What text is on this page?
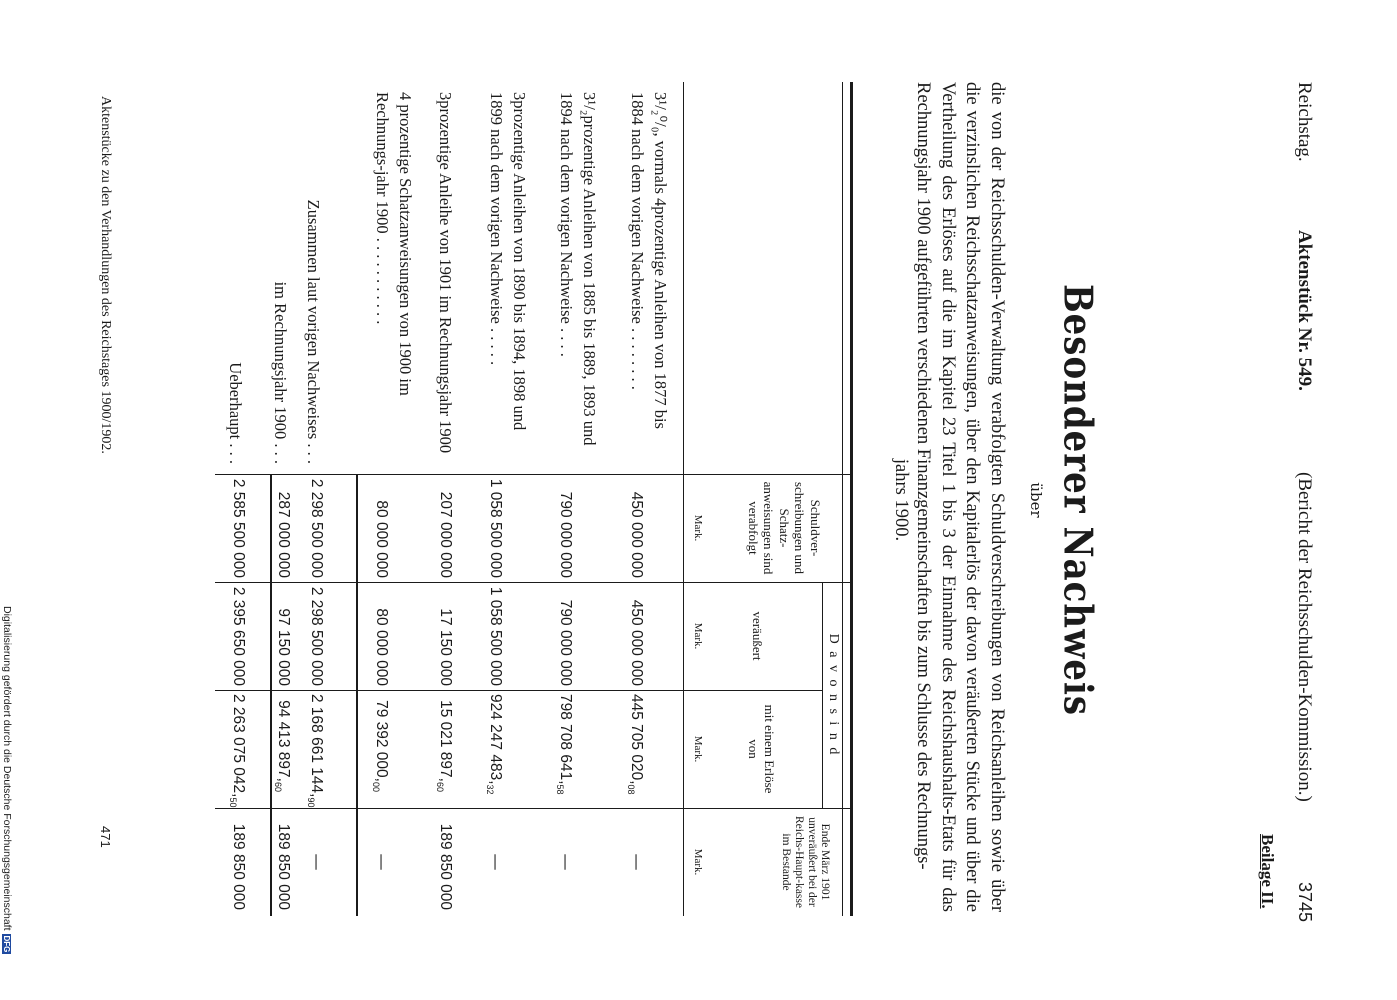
Reichstag.
Aktenstück Nr. 549.
(Bericht der Reichsschulden-Kommission.)
3745
Beilage II.
Besonderer Nachweis
über
die von der Reichsschulden-Verwaltung verabfolgten Schuldverschreibungen von Reichsanleihen sowie über die verzinslichen Reichsschatzanweisungen, über den Kapitalerlös der davon veräußerten Stücke und über die Vertheilung des Erlöses auf die im Kapitel 23 Titel 1 bis 3 der Einnahme des Reichshaushalts-Etats für das Rechnungsjahr 1900 aufgeführten verschiedenen Finanzgemeinschaften bis zum Schlusse des Rechnungs-
jahrs 1900.
Schuldver-schreibungen und Schatz-anweisungen sind verabfolgt
Mark.
D a v o n s i n d
veräußert
Mark.
mit einem Erlöse von
Mark.
Ende März 1901 unveräußert bei der Reichs-Haupt-kasse im Bestande
Mark.
3¹/₂⁰/₀, vormals 4prozentige Anleihen von 1877 bis 1884 nach dem vorigen Nachweise . . . . . . . .
450 000 000
450 000 000
445 705 $020,_{08}$
—
3¹/₂prozentige Anleihen von 1885 bis 1889, 1893 und 1894 nach dem vorigen Nachweise . . . .
790 000 000
790 000 000
798 708 $641,_{58}$
—
3prozentige Anleihen von 1890 bis 1894, 1898 und 1899 nach dem vorigen Nachweise . . . . .
1 058 500 000
1 058 500 000
924 247 $483,_{32}$
—
3prozentige Anleihe von 1901 im Rechnungsjahr 1900
207 000 000
17 150 000
15 021 $897,_{60}$
189 850 000
4 prozentige Schatzanweisungen von 1900 im Rechnungs-jahr 1900 . . . . . . . . . . .
80 000 000
80 000 000
79 392 $000,_{00}$
—
Zusammen laut vorigen Nachweises . . .
2 298 500 000
2 298 500 000
2 168 661 $144,_{90}$
—
im Rechnungsjahr 1900 . . .
287 000 000
97 150 000
94 413 $897,_{60}$
189 850 000
Ueberhaupt . . .
2 585 500 000
2 395 650 000
2 263 075 $042,_{50}$
189 850 000
Aktenstücke zu den Verhandlungen des Reichstages 1900/1902.
471
Digitalisierung gefördert durch die Deutsche ForschungsgemeinschaftDFG
